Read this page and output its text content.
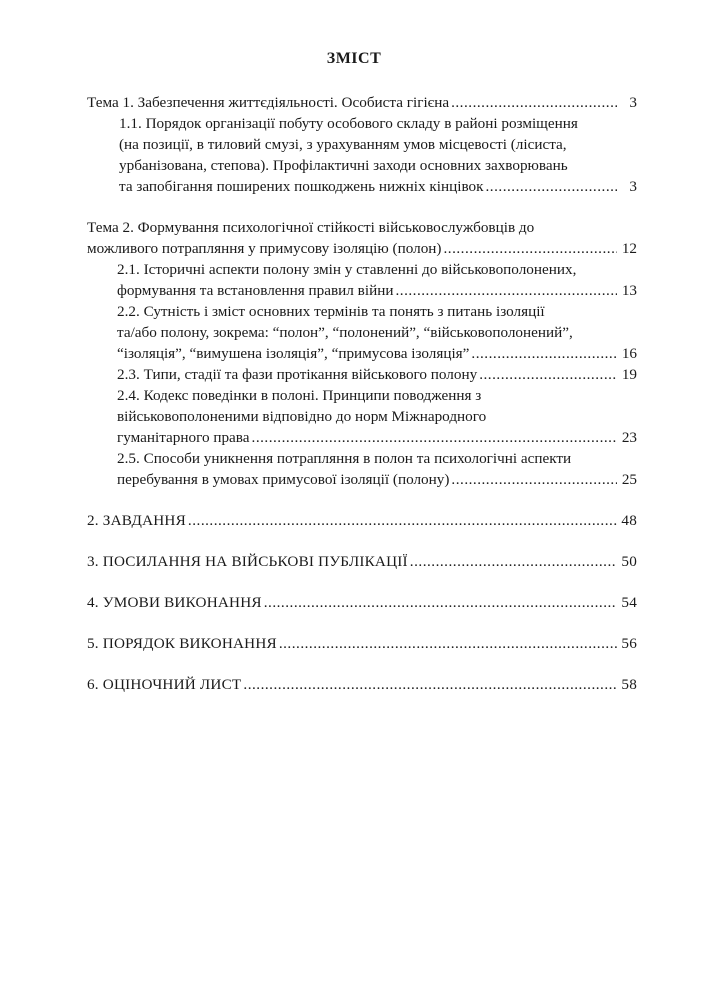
ЗМІСТ
Тема 1. Забезпечення життєдіяльності. Особиста гігієна .....	3
1.1. Порядок організації побуту особового складу в районі розміщення
(на позиції, в тиловий смузі, з урахуванням умов місцевості (лісиста,
урбанізована, степова). Профілактичні заходи основних захворювань
та запобігання поширених пошкоджень нижніх кінцівок .....	3
Тема 2. Формування психологічної стійкості військовослужбовців до
можливого потрапляння у примусову ізоляцію (полон) .....	12
2.1. Історичні аспекти полону змін у ставленні до військовополонених,
формування та встановлення правил війни .....	13
2.2. Сутність і зміст основних термінів та понять з питань ізоляції
та/або полону, зокрема: “полон”, “полонений”, “військовополонений”,
“ізоляція”, “вимушена ізоляція”, “примусова ізоляція” .....	16
2.3. Типи, стадії та фази протікання військового полону .....	19
2.4. Кодекс поведінки в полоні. Принципи поводження з
військовополоненими відповідно до норм Міжнародного
гуманітарного права .....	23
2.5. Способи уникнення потрапляння в полон та психологічні аспекти
перебування в умовах примусової ізоляції (полону) .....	25
2. ЗАВДАННЯ .....	48
3. ПОСИЛАННЯ НА ВІЙСЬКОВІ ПУБЛІКАЦІЇ .....	50
4. УМОВИ ВИКОНАННЯ .....	54
5. ПОРЯДОК ВИКОНАННЯ .....	56
6. ОЦІНОЧНИЙ ЛИСТ .....	58
